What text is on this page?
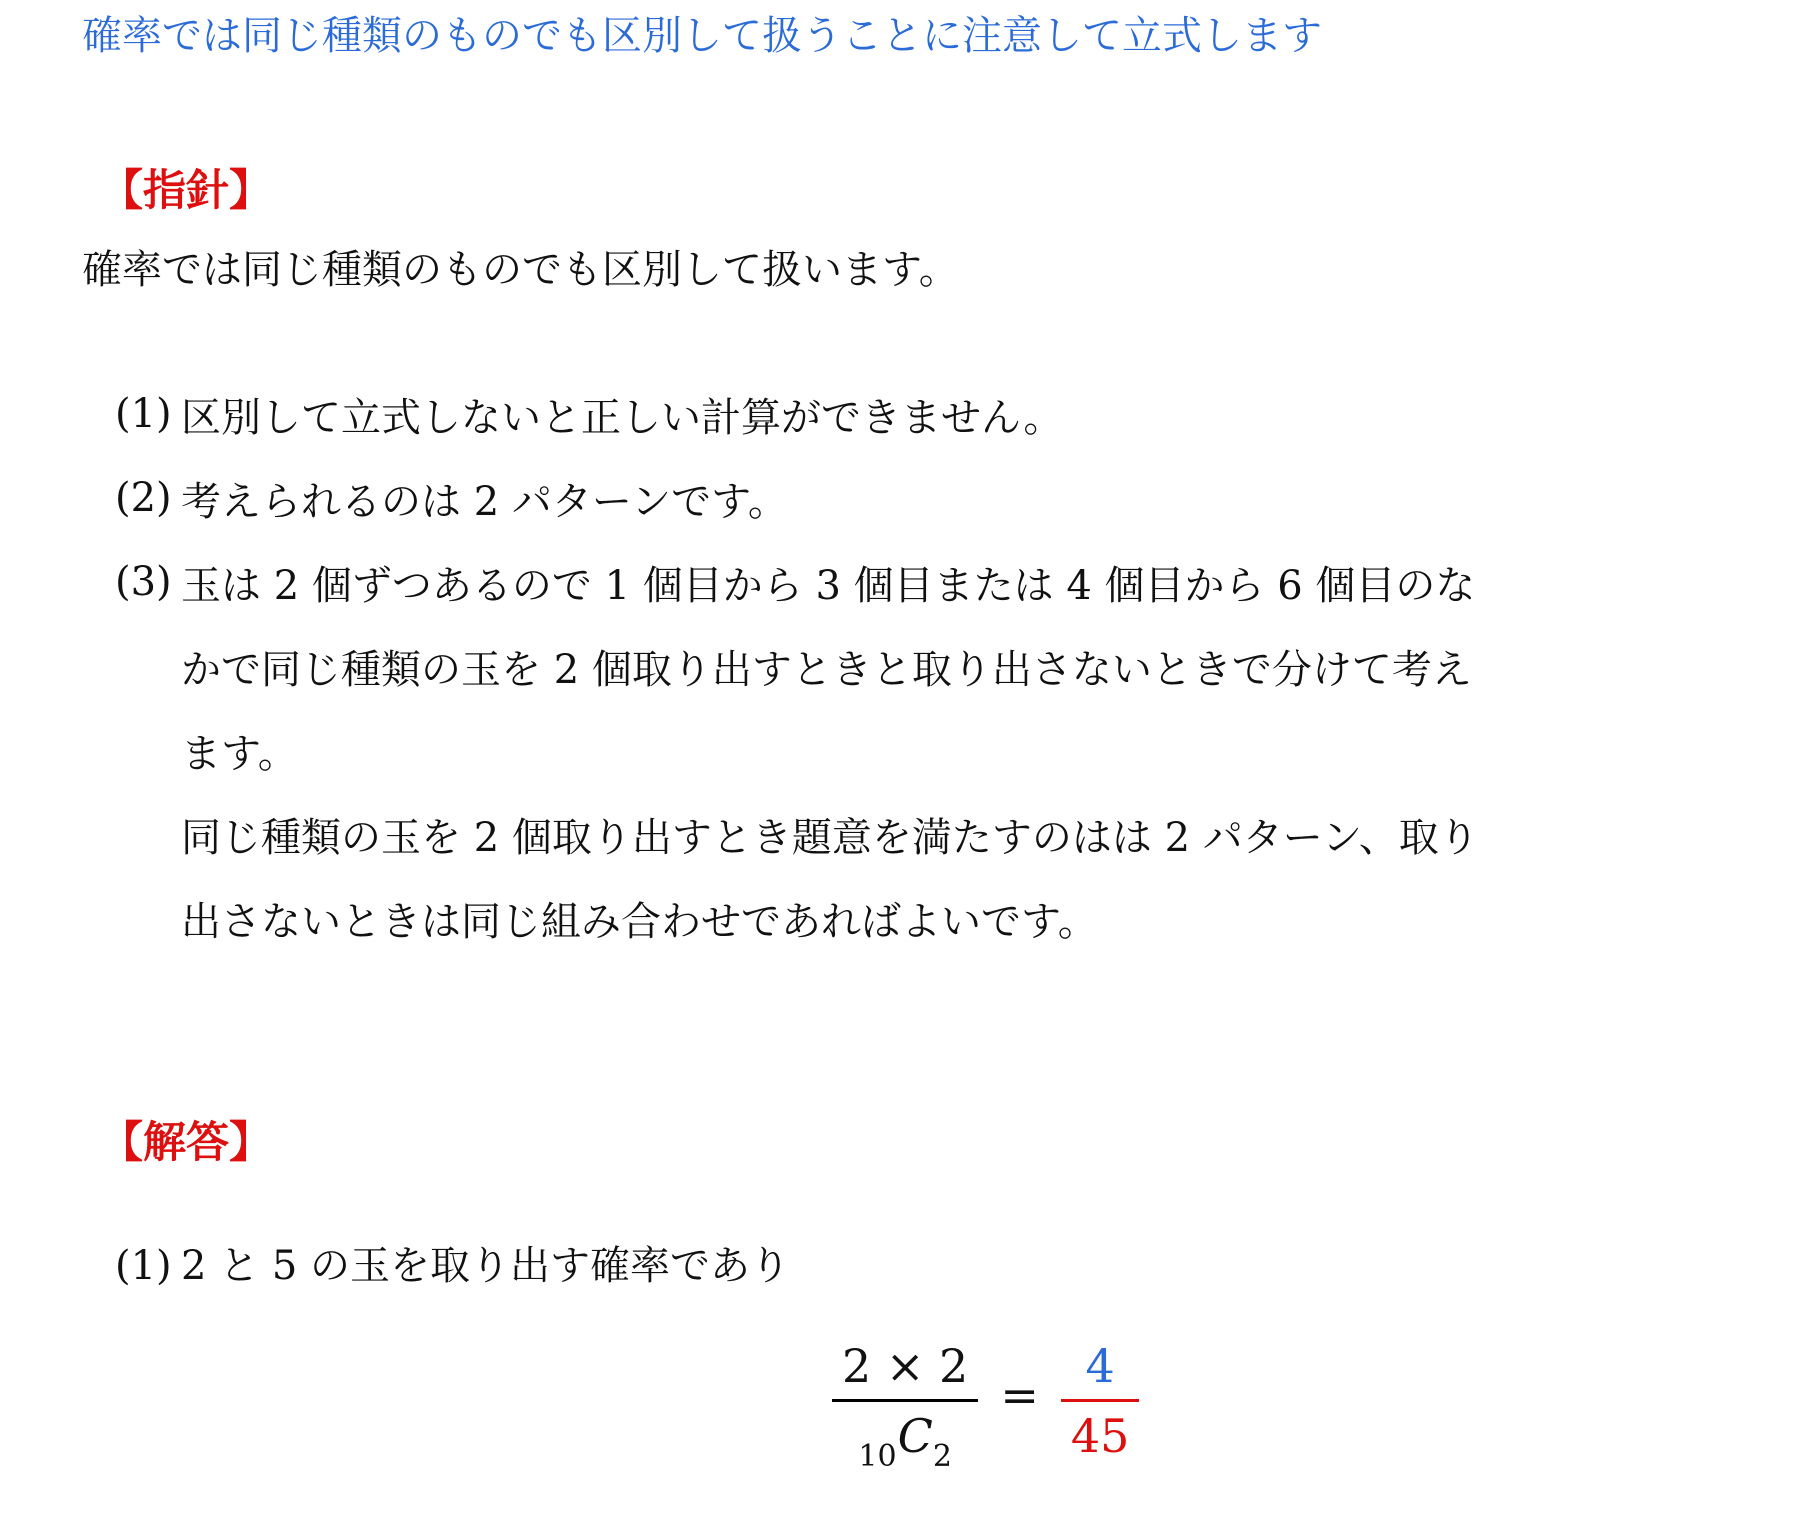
確率では同じ種類のものでも区別して扱うことに注意して立式します
【指針】
確率では同じ種類のものでも区別して扱います。
(1) 区別して立式しないと正しい計算ができません。
(2) 考えられるのは 2 パターンです。
(3) 玉は 2 個ずつあるので 1 個目から 3 個目または 4 個目から 6 個目のな
かで同じ種類の玉を 2 個取り出すときと取り出さないときで分けて考え
ます。
同じ種類の玉を 2 個取り出すとき題意を満たすのはは 2 パターン、取り
出さないときは同じ組み合わせであればよいです。
【解答】
(1) 2 と 5 の玉を取り出す確率であり
$\frac{2 \times 2}{_{10}C_2} = \frac{4}{45}$
